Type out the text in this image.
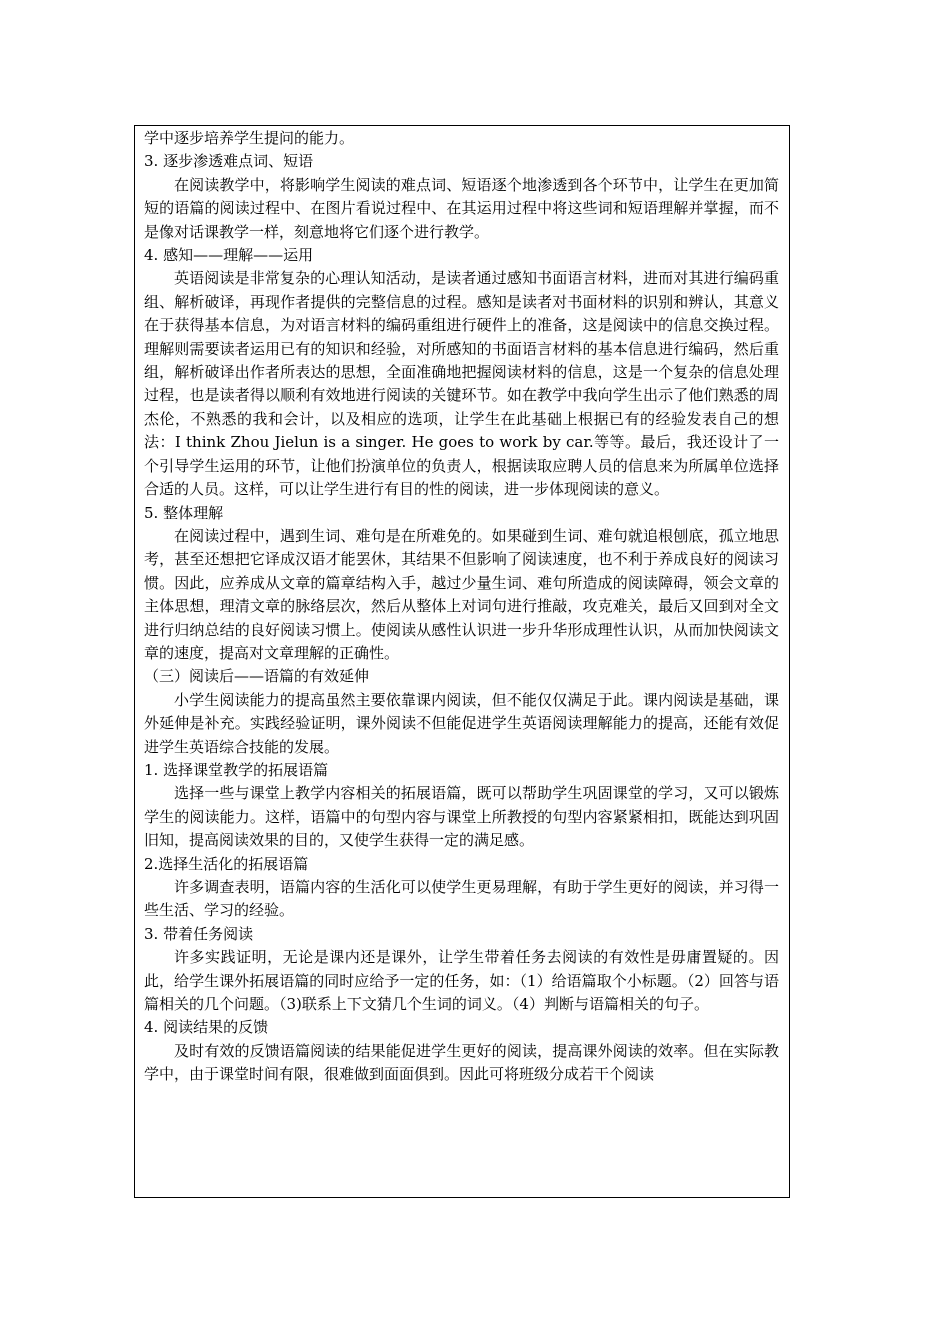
学中逐步培养学生提问的能力。

3. 逐步渗透难点词、短语

在阅读教学中，将影响学生阅读的难点词、短语逐个地渗透到各个环节中，让学生在更加简短的语篇的阅读过程中、在图片看说过程中、在其运用过程中将这些词和短语理解并掌握，而不是像对话课教学一样，刻意地将它们逐个进行教学。

4. 感知——理解——运用

英语阅读是非常复杂的心理认知活动，是读者通过感知书面语言材料，进而对其进行编码重组、解析破译，再现作者提供的完整信息的过程。感知是读者对书面材料的识别和辨认，其意义在于获得基本信息，为对语言材料的编码重组进行硬件上的准备，这是阅读中的信息交换过程。理解则需要读者运用已有的知识和经验，对所感知的书面语言材料的基本信息进行编码，然后重组，解析破译出作者所表达的思想，全面准确地把握阅读材料的信息，这是一个复杂的信息处理过程，也是读者得以顺利有效地进行阅读的关键环节。如在教学中我向学生出示了他们熟悉的周杰伦，不熟悉的我和会计，以及相应的选项，让学生在此基础上根据已有的经验发表自己的想法：I think Zhou Jielun is a singer. He goes to work by car.等等。最后，我还设计了一个引导学生运用的环节，让他们扮演单位的负责人，根据读取应聘人员的信息来为所属单位选择合适的人员。这样，可以让学生进行有目的性的阅读，进一步体现阅读的意义。

5. 整体理解

在阅读过程中，遇到生词、难句是在所难免的。如果碰到生词、难句就追根刨底，孤立地思考，甚至还想把它译成汉语才能罢休，其结果不但影响了阅读速度，也不利于养成良好的阅读习惯。因此，应养成从文章的篇章结构入手，越过少量生词、难句所造成的阅读障碍，领会文章的主体思想，理清文章的脉络层次，然后从整体上对词句进行推敲，攻克难关，最后又回到对全文进行归纳总结的良好阅读习惯上。使阅读从感性认识进一步升华形成理性认识，从而加快阅读文章的速度，提高对文章理解的正确性。

（三）阅读后——语篇的有效延伸

小学生阅读能力的提高虽然主要依靠课内阅读，但不能仅仅满足于此。课内阅读是基础，课外延伸是补充。实践经验证明，课外阅读不但能促进学生英语阅读理解能力的提高，还能有效促进学生英语综合技能的发展。

1. 选择课堂教学的拓展语篇

选择一些与课堂上教学内容相关的拓展语篇，既可以帮助学生巩固课堂的学习，又可以锻炼学生的阅读能力。这样，语篇中的句型内容与课堂上所教授的句型内容紧紧相扣，既能达到巩固旧知，提高阅读效果的目的，又使学生获得一定的满足感。

2.选择生活化的拓展语篇

许多调查表明，语篇内容的生活化可以使学生更易理解，有助于学生更好的阅读，并习得一些生活、学习的经验。

3. 带着任务阅读

许多实践证明，无论是课内还是课外，让学生带着任务去阅读的有效性是毋庸置疑的。因此，给学生课外拓展语篇的同时应给予一定的任务，如：（1）给语篇取个小标题。（2）回答与语篇相关的几个问题。（3)联系上下文猜几个生词的词义。（4）判断与语篇相关的句子。

4. 阅读结果的反馈

及时有效的反馈语篇阅读的结果能促进学生更好的阅读，提高课外阅读的效率。但在实际教学中，由于课堂时间有限，很难做到面面俱到。因此可将班级分成若干个阅读
